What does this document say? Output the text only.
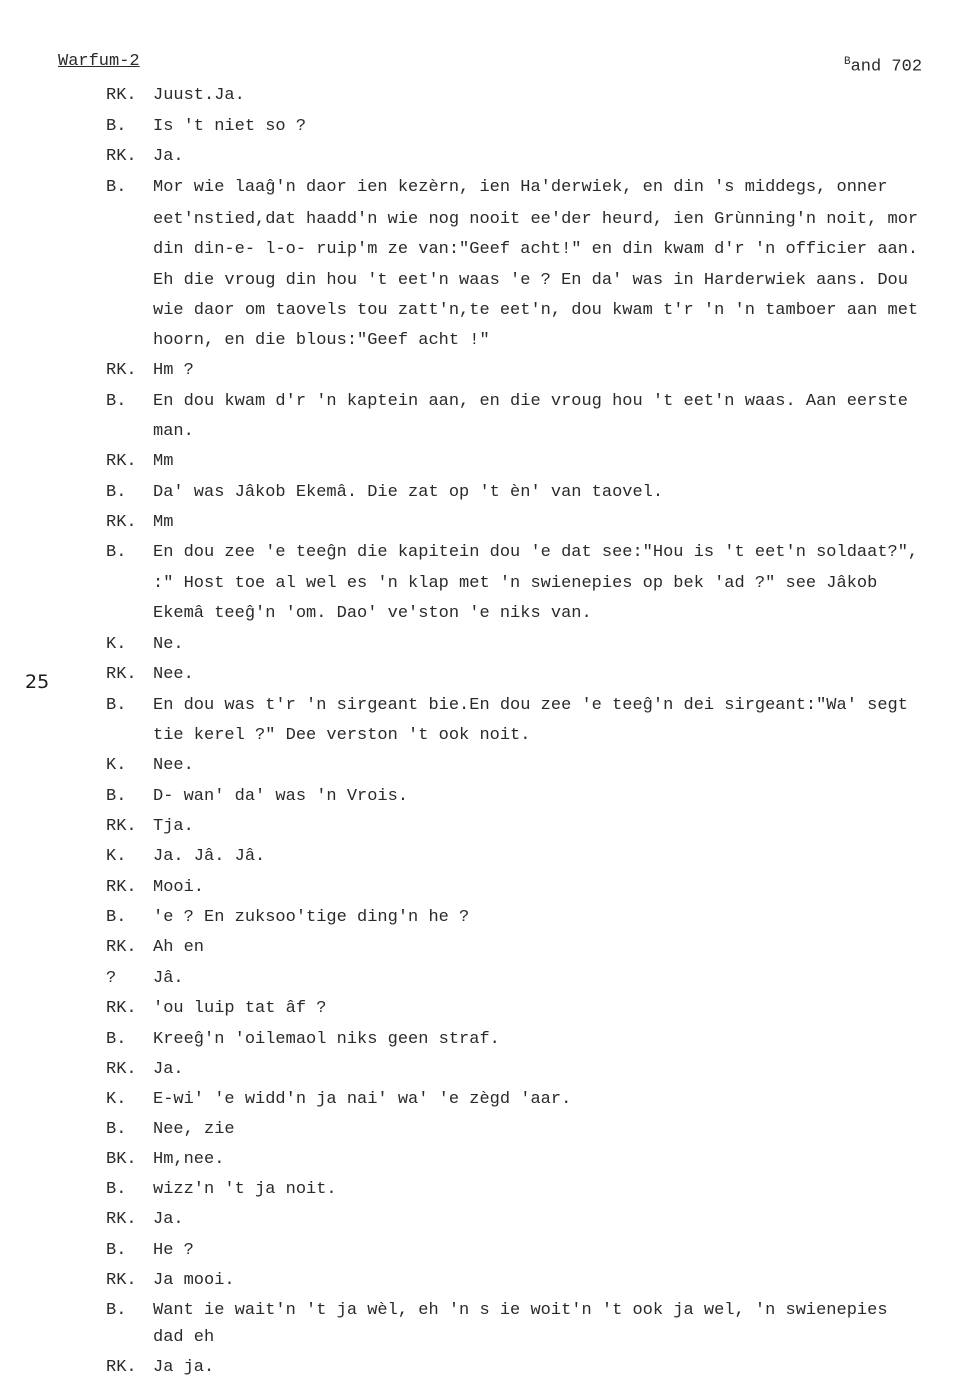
Warfum-2	$^B$and 702
25
RK. Juust.Ja.
B. Is 't niet so ?
RK. Ja.
B. Mor wie laaĝ'n daor ien kezèrn, ien Ha'derwiek, en din 's middegs, onner
eet'nstied,dat haadd'n wie nog nooit ee'der heurd, ien Grùnning'n noit, mor
din din-e- l-o- ruip'm ze van:"Geef acht!" en din kwam d'r 'n officier aan.
Eh die vroug din hou 't eet'n waas 'e ? En da' was in Harderwiek aans. Dou
wie daor om taovels tou zatt'n,te eet'n, dou kwam t'r 'n 'n tamboer aan met
hoorn, en die blous:"Geef acht !"
RK. Hm ?
B. En dou kwam d'r 'n kaptein aan, en die vroug hou 't eet'n waas. Aan eerste
man.
RK. Mm
B. Da' was Jâkob Ekemâ. Die zat op 't èn' van taovel.
RK. Mm
B. En dou zee 'e teeĝn die kapitein dou 'e dat see:"Hou is 't eet'n soldaat?",
:" Host toe al wel es 'n klap met 'n swienepies op bek 'ad ?" see Jâkob
Ekemâ teeĝ'n 'om. Dao' ve'ston 'e niks van.
K. Ne.
RK. Nee.
B. En dou was t'r 'n sirgeant bie.En dou zee 'e teeĝ'n dei sirgeant:"Wa' segt
tie kerel ?" Dee verston 't ook noit.
K. Nee.
B. D- wan' da' was 'n Vrois.
RK. Tja.
K. Ja. Jâ. Jâ.
RK. Mooi.
B. 'e ? En zuksoo'tige ding'n he ?
RK. Ah en
? Jâ.
RK. 'ou luip tat âf ?
B. Kreeĝ'n 'oilemaol niks geen straf.
RK. Ja.
K. E-wi' 'e widd'n ja nai' wa' 'e zègd 'aar.
B. Nee, zie
BK. Hm,nee.
B. wizz'n 't ja noit.
RK. Ja.
B. He ?
RK. Ja mooi.
B. Want ie wait'n 't ja wèl, eh 'n s ie woit'n 't ook ja wel, 'n swienepies
dad eh
RK. Ja ja.
